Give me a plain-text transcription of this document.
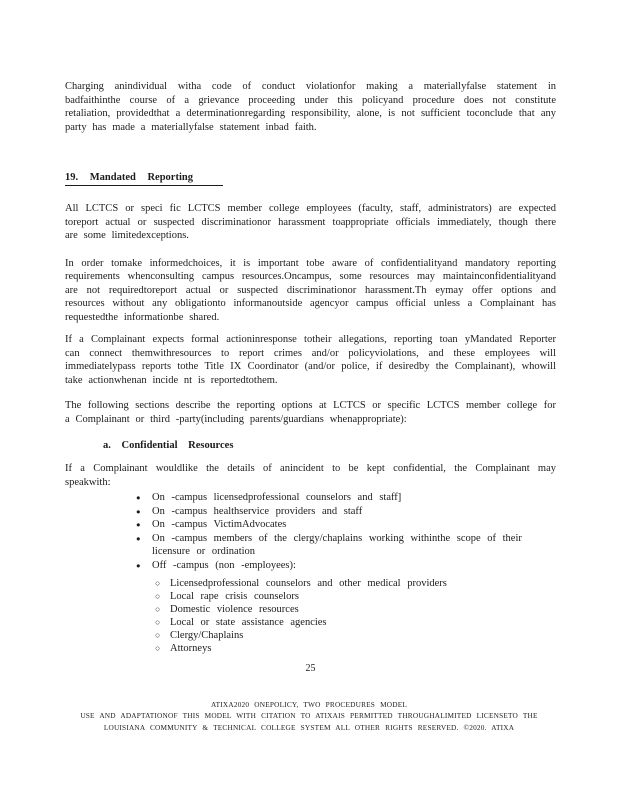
Charging anindividual witha code of conduct violationfor making a materiallyfalse statement in badfaithinthe course of a grievance proceeding under this policyand procedure does not constitute retaliation, providedthat a determinationregarding responsibility, alone, is not sufficient toconclude that any party has made a materiallyfalse statement inbad faith.

19. Mandated Reporting

All LCTCS or speci fic LCTCS member college employees (faculty, staff, administrators) are expected toreport actual or suspected discriminationor harassment toappropriate officials immediately, though there are some limitedexceptions.

In order tomake informedchoices, it is important tobe aware of confidentialityand mandatory reporting requirements whenconsulting campus resources.Oncampus, some resources may maintainconfidentialityand are not requiredtoreport actual or suspected discriminationor harassment.Th eymay offer options and resources without any obligationto informanoutside agencyor campus official unless a Complainant has requestedthe informationbe shared.

If a Complainant expects formal actioninresponse totheir allegations, reporting toan yMandated Reporter can connect themwithresources to report crimes and/or policyviolations, and these employees will immediatelypass reports tothe Title IX Coordinator (and/or police, if desiredby the Complainant), whowill take actionwhenan incide nt is reportedtothem.

The following sections describe the reporting options at LCTCS or specific LCTCS member college for a Complainant or third -party(including parents/guardians whenappropriate):

a. Confidential Resources

If a Complainant wouldlike the details of anincident to be kept confidential, the Complainant may speakwith:

●	On -campus licensedprofessional counselors and staff]
●	On -campus healthservice providers and staff
●	On -campus VictimAdvocates
●	On -campus members of the clergy/chaplains working withinthe scope of their licensure or ordination
●	Off -campus (non -employees):
○ Licensedprofessional counselors and other medical providers
○ Local rape crisis counselors
○ Domestic violence resources
○ Local or state assistance agencies
○ Clergy/Chaplains
○ Attorneys
25
ATIXA2020 ONEPOLICY, TWO PROCEDURES MODEL
USE AND ADAPTATIONOF THIS MODEL WITH CITATION TO ATIXAIS PERMITTED THROUGHALIMITED LICENSETO THE
LOUISIANA COMMUNITY & TECHNICAL COLLEGE SYSTEM ALL OTHER RIGHTS RESERVED. ©2020. ATIXA
